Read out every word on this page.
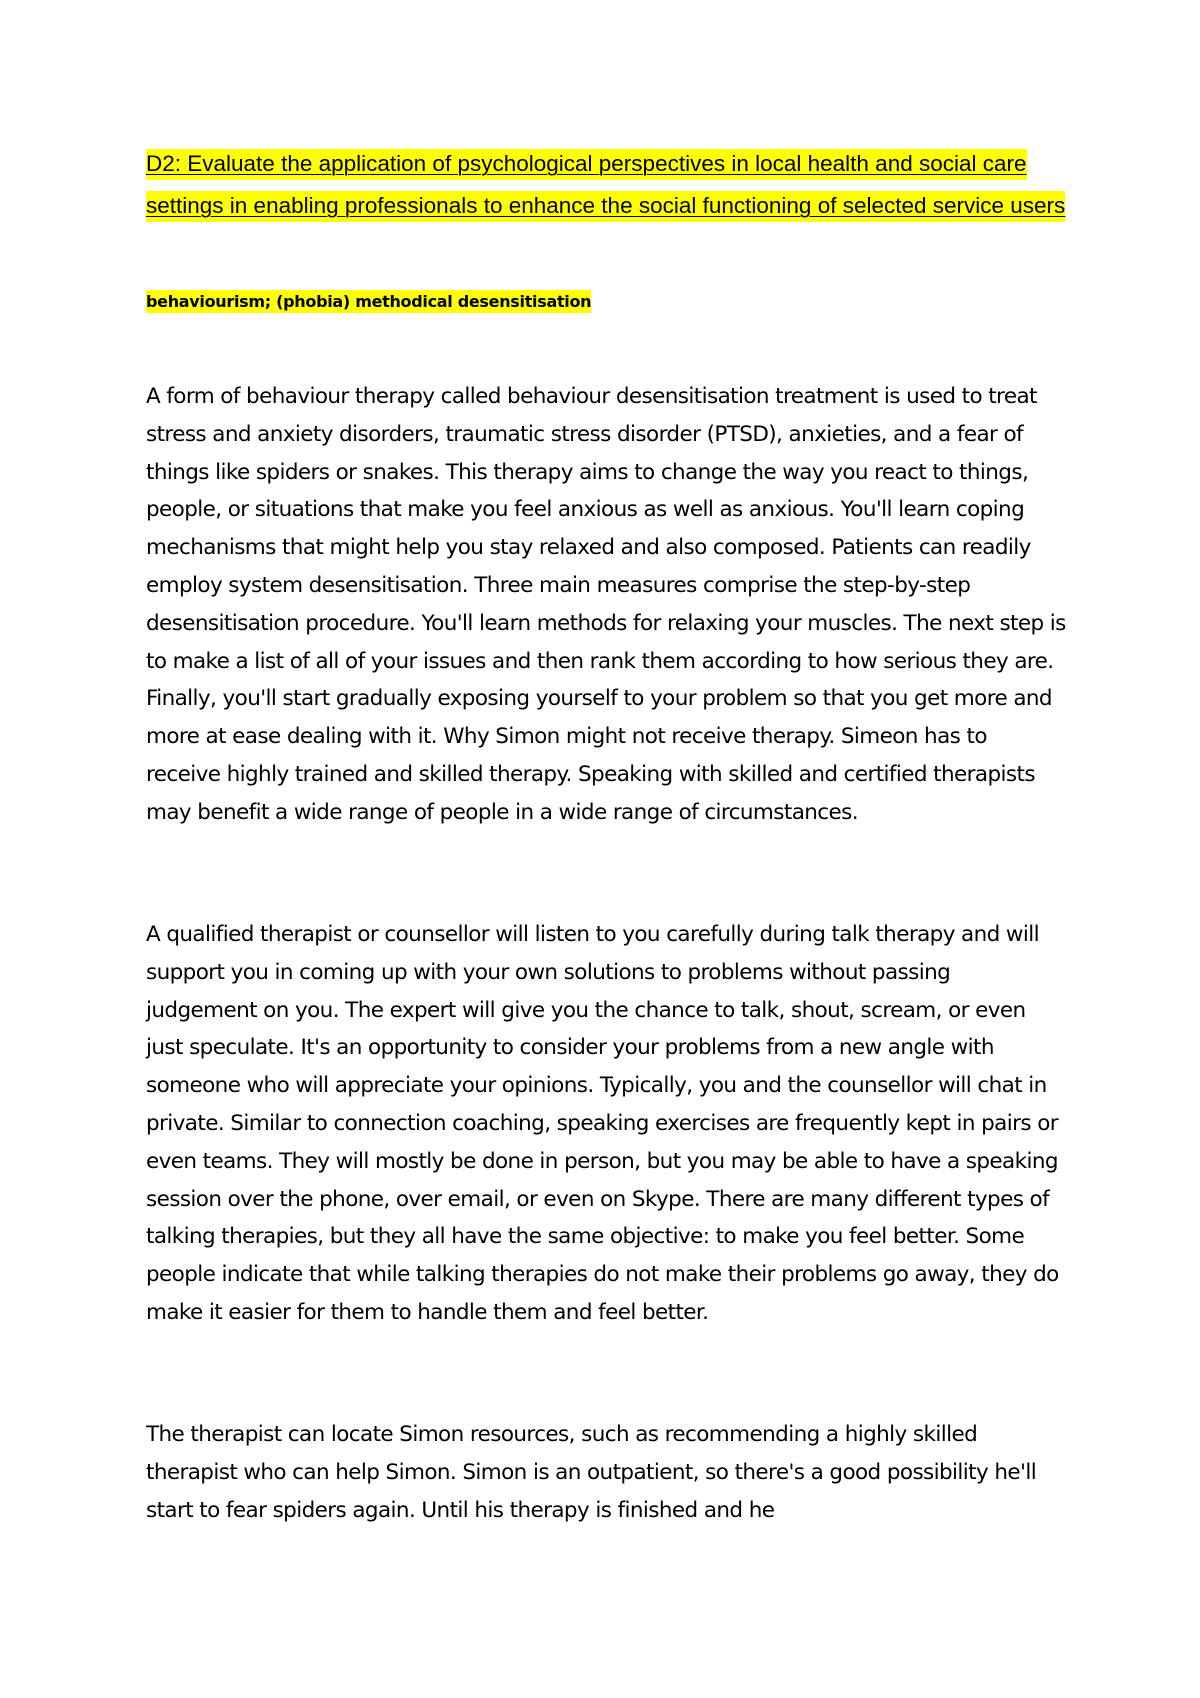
D2: Evaluate the application of psychological perspectives in local health and social care settings in enabling professionals to enhance the social functioning of selected service users

behaviourism; (phobia) methodical desensitisation

A form of behaviour therapy called behaviour desensitisation treatment is used to treat stress and anxiety disorders, traumatic stress disorder (PTSD), anxieties, and a fear of things like spiders or snakes. This therapy aims to change the way you react to things, people, or situations that make you feel anxious as well as anxious. You'll learn coping mechanisms that might help you stay relaxed and also composed. Patients can readily employ system desensitisation. Three main measures comprise the step-by-step desensitisation procedure. You'll learn methods for relaxing your muscles. The next step is to make a list of all of your issues and then rank them according to how serious they are. Finally, you'll start gradually exposing yourself to your problem so that you get more and more at ease dealing with it. Why Simon might not receive therapy. Simeon has to receive highly trained and skilled therapy. Speaking with skilled and certified therapists may benefit a wide range of people in a wide range of circumstances.

A qualified therapist or counsellor will listen to you carefully during talk therapy and will support you in coming up with your own solutions to problems without passing judgement on you. The expert will give you the chance to talk, shout, scream, or even just speculate. It's an opportunity to consider your problems from a new angle with someone who will appreciate your opinions. Typically, you and the counsellor will chat in private. Similar to connection coaching, speaking exercises are frequently kept in pairs or even teams. They will mostly be done in person, but you may be able to have a speaking session over the phone, over email, or even on Skype. There are many different types of talking therapies, but they all have the same objective: to make you feel better. Some people indicate that while talking therapies do not make their problems go away, they do make it easier for them to handle them and feel better.

The therapist can locate Simon resources, such as recommending a highly skilled therapist who can help Simon. Simon is an outpatient, so there's a good possibility he'll start to fear spiders again. Until his therapy is finished and he
